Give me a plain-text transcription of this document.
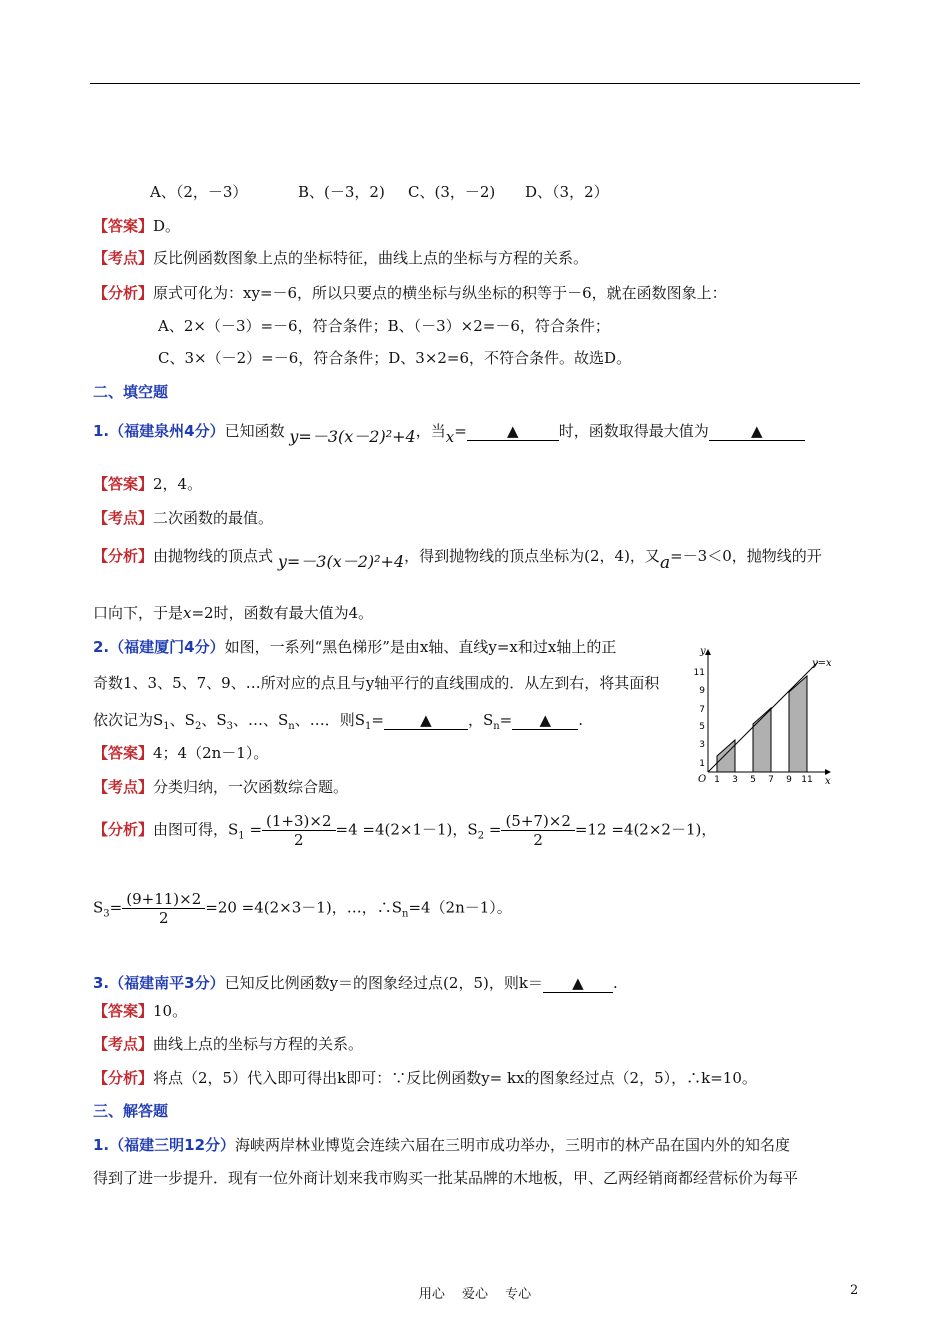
A、（2，－3）	B、(－3，2) C、(3，－2) D、（3，2）
【答案】D。
【考点】反比例函数图象上点的坐标特征，曲线上点的坐标与方程的关系。
【分析】原式可化为：xy=－6，所以只要点的横坐标与纵坐标的积等于－6，就在函数图象上：
A、2×（－3）=－6，符合条件；B、（－3）×2=－6，符合条件；
C、3×（－2）=－6，符合条件；D、3×2=6，不符合条件。故选D。
二、填空题
1.（福建泉州4分）已知函数 y=－3(x－2)²+4，当x=	▲	时，函数取得最大值为	▲
【答案】2，4。
【考点】二次函数的最值。
【分析】由抛物线的顶点式 y=－3(x－2)²+4，得到抛物线的顶点坐标为(2，4)，又a=－3＜0，抛物线的开
口向下，于是x=2时，函数有最大值为4。
2.（福建厦门4分）如图，一系列“黑色梯形”是由x轴、直线y=x和过x轴上的正
奇数1、3、5、7、9、…所对应的点且与y轴平行的直线围成的．从左到右，将其面积
依次记为$S_1$、$S_2$、$S_3$、…、$S_n$、…．则$S_1=$ ▲ ，$S_n=$ ▲ .
【答案】4；4（2n－1）。
【考点】分类归纳，一次函数综合题。
y
x
O
y=x
1
3
5
7
9
11
1 3 5 7 9 11
【分析】由图可得，$S_1 = \frac{(1+3)\times 2}{2} =4 =4(2\times 1-1)$，$S_2 = \frac{(5+7)\times 2}{2} =12 =4(2\times 2-1)$，
$S_3= \frac{(9+11)\times 2}{2} =20 =4(2\times 3-1)$，…，$\therefore S_n=4(2n-1)$。
3.（福建南平3分）已知反比例函数y＝的图象经过点(2，5)，则k＝ ▲ .
【答案】10。
【考点】曲线上点的坐标与方程的关系。
【分析】将点（2，5）代入即可得出k即可：∵反比例函数y= kx的图象经过点（2，5），∴k=10。
三、解答题
1.（福建三明12分）海峡两岸林业博览会连续六届在三明市成功举办，三明市的林产品在国内外的知名度
得到了进一步提升．现有一位外商计划来我市购买一批某品牌的木地板，甲、乙两经销商都经营标价为每平
用心　 爱心　 专心	2
